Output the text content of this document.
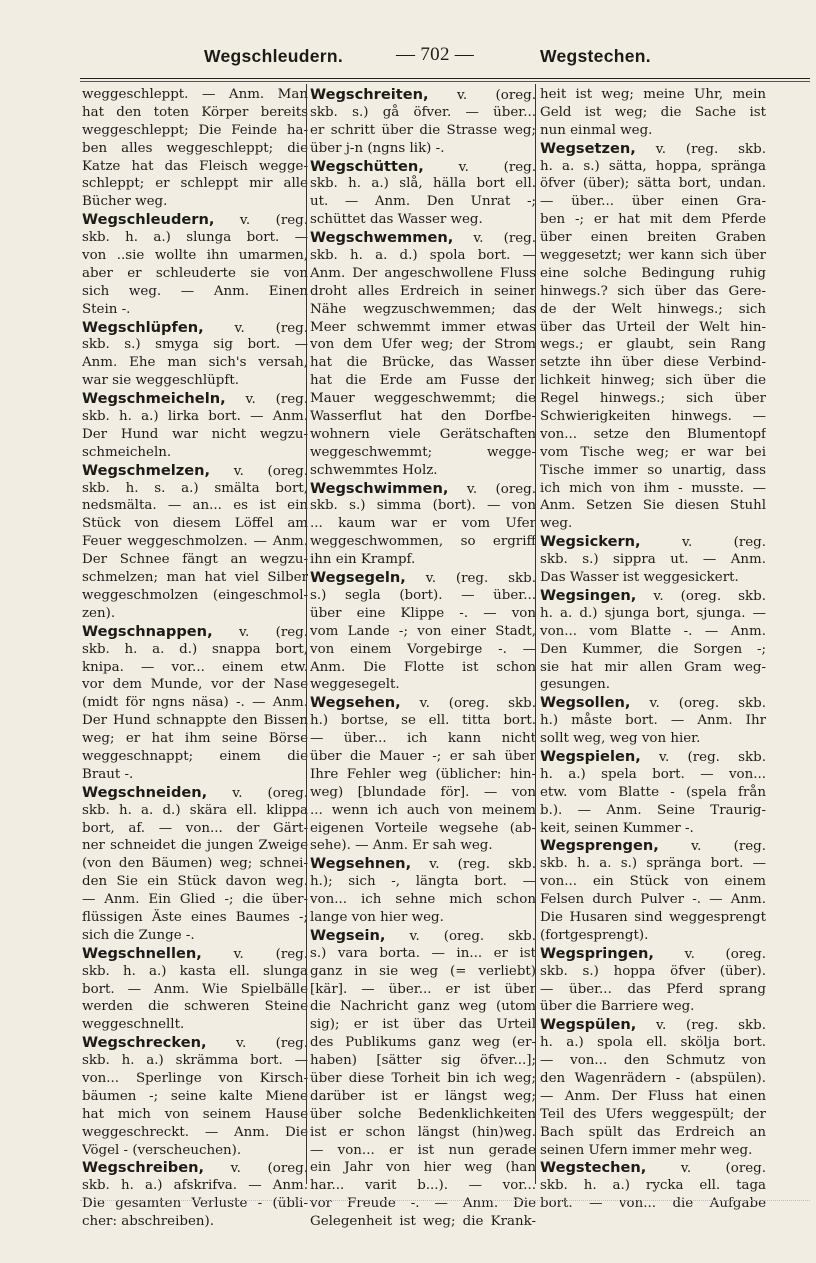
Wegschleudern.	— 702 —	Wegstechen.
weggeschleppt. — Anm. Man
hat den toten Körper bereits
weggeschleppt; Die Feinde ha-
ben alles weggeschleppt; die
Katze hat das Fleisch wegge-
schleppt; er schleppt mir alle
Bücher weg.
Wegschleudern, v. (reg.
skb. h. a.) slunga bort. —
von ..sie wollte ihn umarmen,
aber er schleuderte sie von
sich weg. — Anm. Einen
Stein -.
Wegschlüpfen, v. (reg.
skb. s.) smyga sig bort. —
Anm. Ehe man sich's versah,
war sie weggeschlüpft.
Wegschmeicheln, v. (reg.
skb. h. a.) lirka bort. — Anm.
Der Hund war nicht wegzu-
schmeicheln.
Wegschmelzen, v. (oreg.
skb. h. s. a.) smälta bort,
nedsmälta. — an... es ist ein
Stück von diesem Löffel am
Feuer weggeschmolzen. — Anm.
Der Schnee fängt an wegzu-
schmelzen; man hat viel Silber
weggeschmolzen (eingeschmol-
zen).
Wegschnappen, v. (reg.
skb. h. a. d.) snappa bort,
knipa. — vor... einem etw.
vor dem Munde, vor der Nase
(midt för ngns näsa) -. — Anm.
Der Hund schnappte den Bissen
weg; er hat ihm seine Börse
weggeschnappt; einem die
Braut -.
Wegschneiden, v. (oreg.
skb. h. a. d.) skära ell. klippa
bort, af. — von... der Gärt-
ner schneidet die jungen Zweige
(von den Bäumen) weg; schnei-
den Sie ein Stück davon weg.
— Anm. Ein Glied -; die über-
flüssigen Äste eines Baumes -;
sich die Zunge -.
Wegschnellen, v. (reg.
skb. h. a.) kasta ell. slunga
bort. — Anm. Wie Spielbälle
werden die schweren Steine
weggeschnellt.
Wegschrecken, v. (reg.
skb. h. a.) skrämma bort. —
von... Sperlinge von Kirsch-
bäumen -; seine kalte Miene
hat mich von seinem Hause
weggeschreckt. — Anm. Die
Vögel - (verscheuchen).
Wegschreiben, v. (oreg.
skb. h. a.) afskrifva. — Anm.
Die gesamten Verluste - (übli-
cher: abschreiben).
Wegschreiten, v. (oreg.
skb. s.) gå öfver. — über...
er schritt über die Strasse weg;
über j-n (ngns lik) -.
Wegschütten, v. (reg.
skb. h. a.) slå, hälla bort ell.
ut. — Anm. Den Unrat -;
schüttet das Wasser weg.
Wegschwemmen, v. (reg.
skb. h. a. d.) spola bort. —
Anm. Der angeschwollene Fluss
droht alles Erdreich in seiner
Nähe wegzuschwemmen; das
Meer schwemmt immer etwas
von dem Ufer weg; der Strom
hat die Brücke, das Wasser
hat die Erde am Fusse der
Mauer weggeschwemmt; die
Wasserflut hat den Dorfbe-
wohnern viele Gerätschaften
weggeschwemmt; wegge-
schwemmtes Holz.
Wegschwimmen, v. (oreg.
skb. s.) simma (bort). — von
... kaum war er vom Ufer
weggeschwommen, so ergriff
ihn ein Krampf.
Wegsegeln, v. (reg. skb.
s.) segla (bort). — über...
über eine Klippe -. — von
vom Lande -; von einer Stadt,
von einem Vorgebirge -. —
Anm. Die Flotte ist schon
weggesegelt.
Wegsehen, v. (oreg. skb.
h.) bortse, se ell. titta bort.
— über... ich kann nicht
über die Mauer -; er sah über
Ihre Fehler weg (üblicher: hin-
weg) [blundade för]. — von
... wenn ich auch von meinem
eigenen Vorteile wegsehe (ab-
sehe). — Anm. Er sah weg.
Wegsehnen, v. (reg. skb.
h.); sich -, längta bort. —
von... ich sehne mich schon
lange von hier weg.
Wegsein, v. (oreg. skb.
s.) vara borta. — in... er ist
ganz in sie weg (= verliebt)
[kär]. — über... er ist über
die Nachricht ganz weg (utom
sig); er ist über das Urteil
des Publikums ganz weg (er-
haben) [sätter sig öfver...];
über diese Torheit bin ich weg;
darüber ist er längst weg;
über solche Bedenklichkeiten
ist er schon längst (hin)weg.
— von... er ist nun gerade
ein Jahr von hier weg (han
har... varit b...). — vor...
vor Freude -. — Anm. Die
Gelegenheit ist weg; die Krank-
heit ist weg; meine Uhr, mein
Geld ist weg; die Sache ist
nun einmal weg.
Wegsetzen, v. (reg. skb.
h. a. s.) sätta, hoppa, spränga
öfver (über); sätta bort, undan.
— über... über einen Gra-
ben -; er hat mit dem Pferde
über einen breiten Graben
weggesetzt; wer kann sich über
eine solche Bedingung ruhig
hinwegs.? sich über das Gere-
de der Welt hinwegs.; sich
über das Urteil der Welt hin-
wegs.; er glaubt, sein Rang
setzte ihn über diese Verbind-
lichkeit hinweg; sich über die
Regel hinwegs.; sich über
Schwierigkeiten hinwegs. —
von... setze den Blumentopf
vom Tische weg; er war bei
Tische immer so unartig, dass
ich mich von ihm - musste. —
Anm. Setzen Sie diesen Stuhl
weg.
Wegsickern, v. (reg.
skb. s.) sippra ut. — Anm.
Das Wasser ist weggesickert.
Wegsingen, v. (oreg. skb.
h. a. d.) sjunga bort, sjunga. —
von... vom Blatte -. — Anm.
Den Kummer, die Sorgen -;
sie hat mir allen Gram weg-
gesungen.
Wegsollen, v. (oreg. skb.
h.) måste bort. — Anm. Ihr
sollt weg, weg von hier.
Wegspielen, v. (reg. skb.
h. a.) spela bort. — von...
etw. vom Blatte - (spela från
b.). — Anm. Seine Traurig-
keit, seinen Kummer -.
Wegsprengen, v. (reg.
skb. h. a. s.) spränga bort. —
von... ein Stück von einem
Felsen durch Pulver -. — Anm.
Die Husaren sind weggesprengt
(fortgesprengt).
Wegspringen, v. (oreg.
skb. s.) hoppa öfver (über).
— über... das Pferd sprang
über die Barriere weg.
Wegspülen, v. (reg. skb.
h. a.) spola ell. skölja bort.
— von... den Schmutz von
den Wagenrädern - (abspülen).
— Anm. Der Fluss hat einen
Teil des Ufers weggespült; der
Bach spült das Erdreich an
seinen Ufern immer mehr weg.
Wegstechen, v. (oreg.
skb. h. a.) rycka ell. taga
bort. — von... die Aufgabe
